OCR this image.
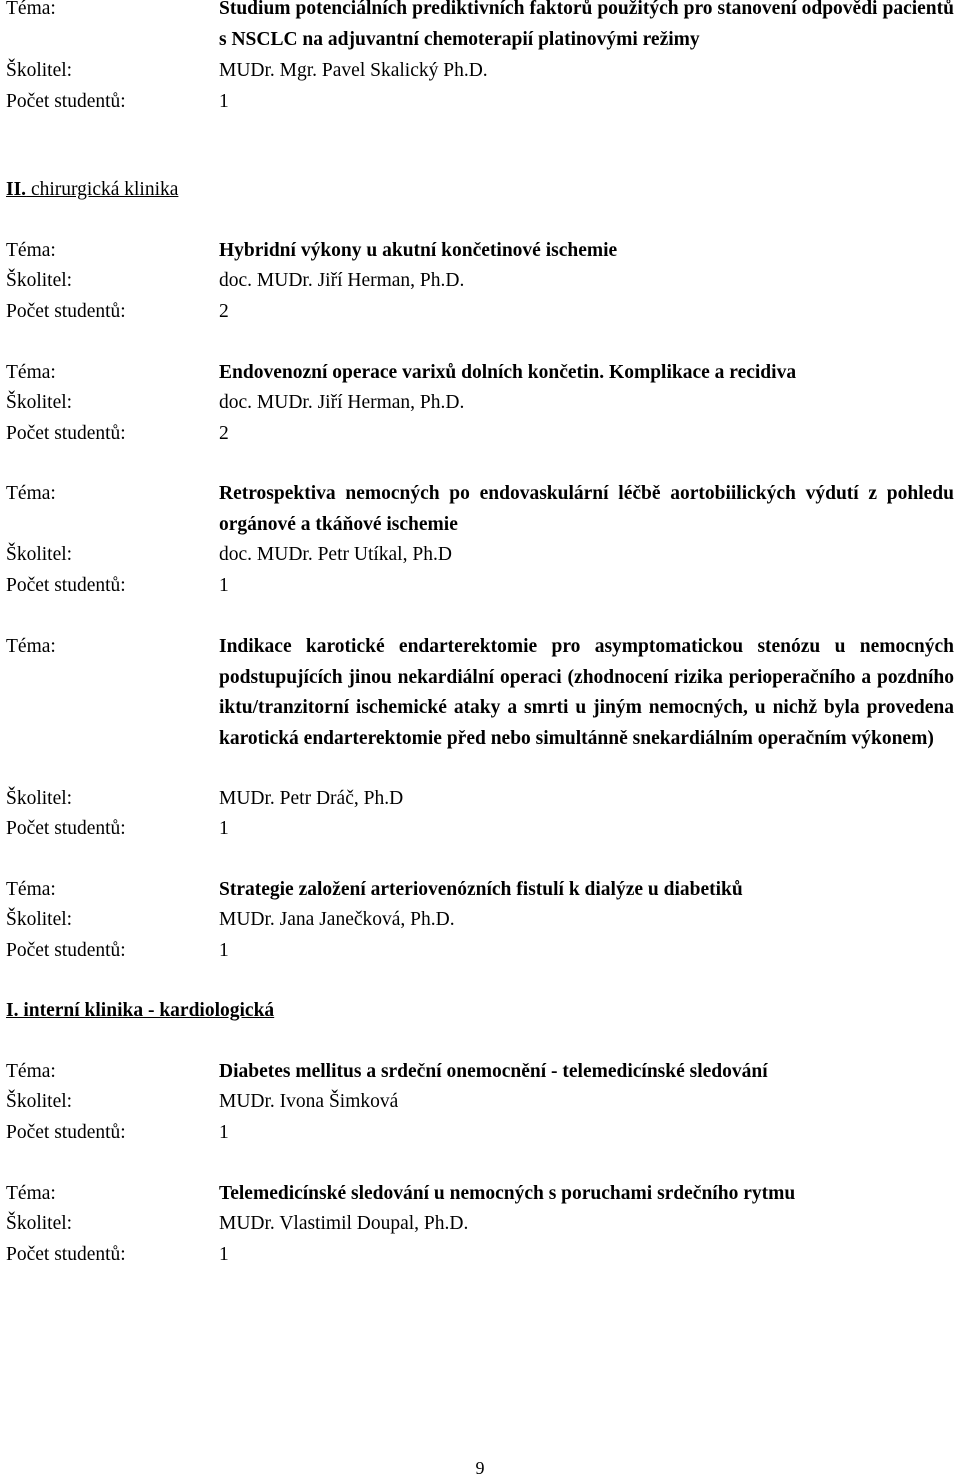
Téma:	Studium potenciálních prediktivních faktorů použitých pro stanovení odpovědi pacientů s NSCLC na adjuvantní chemoterapií platinovými režimy
Školitel:	MUDr. Mgr. Pavel Skalický Ph.D.
Počet studentů:	1
II. chirurgická klinika
Téma:	Hybridní výkony u akutní končetinové ischemie
Školitel:	doc. MUDr. Jiří Herman, Ph.D.
Počet studentů:	2
Téma:	Endovenozní operace varixů dolních končetin. Komplikace a recidiva
Školitel:	doc. MUDr. Jiří Herman, Ph.D.
Počet studentů:	2
Téma:	Retrospektiva nemocných po endovaskulární léčbě aortobiilických výdutí z pohledu orgánové a tkáňové ischemie
Školitel:	doc. MUDr. Petr Utíkal, Ph.D
Počet studentů:	1
Téma:	Indikace karotické endarterektomie pro asymptomatickou stenózu u nemocných podstupujících jinou nekardiální operaci (zhodnocení rizika perioperačního a pozdního iktu/tranzitorní ischemické ataky a smrti u jiným nemocných, u nichž byla provedena karotická endarterektomie před nebo simultánně snekardiálním operačním výkonem)
Školitel:	MUDr. Petr Dráč, Ph.D
Počet studentů:	1
Téma:	Strategie založení arteriovenózních fistulí k dialýze u diabetiků
Školitel:	MUDr. Jana Janečková, Ph.D.
Počet studentů:	1
I. interní klinika - kardiologická
Téma:	Diabetes mellitus a srdeční onemocnění - telemedicínské sledování
Školitel:	MUDr. Ivona Šimková
Počet studentů:	1
Téma:	Telemedicínské sledování u nemocných s poruchami srdečního rytmu
Školitel:	MUDr. Vlastimil Doupal, Ph.D.
Počet studentů:	1
9
